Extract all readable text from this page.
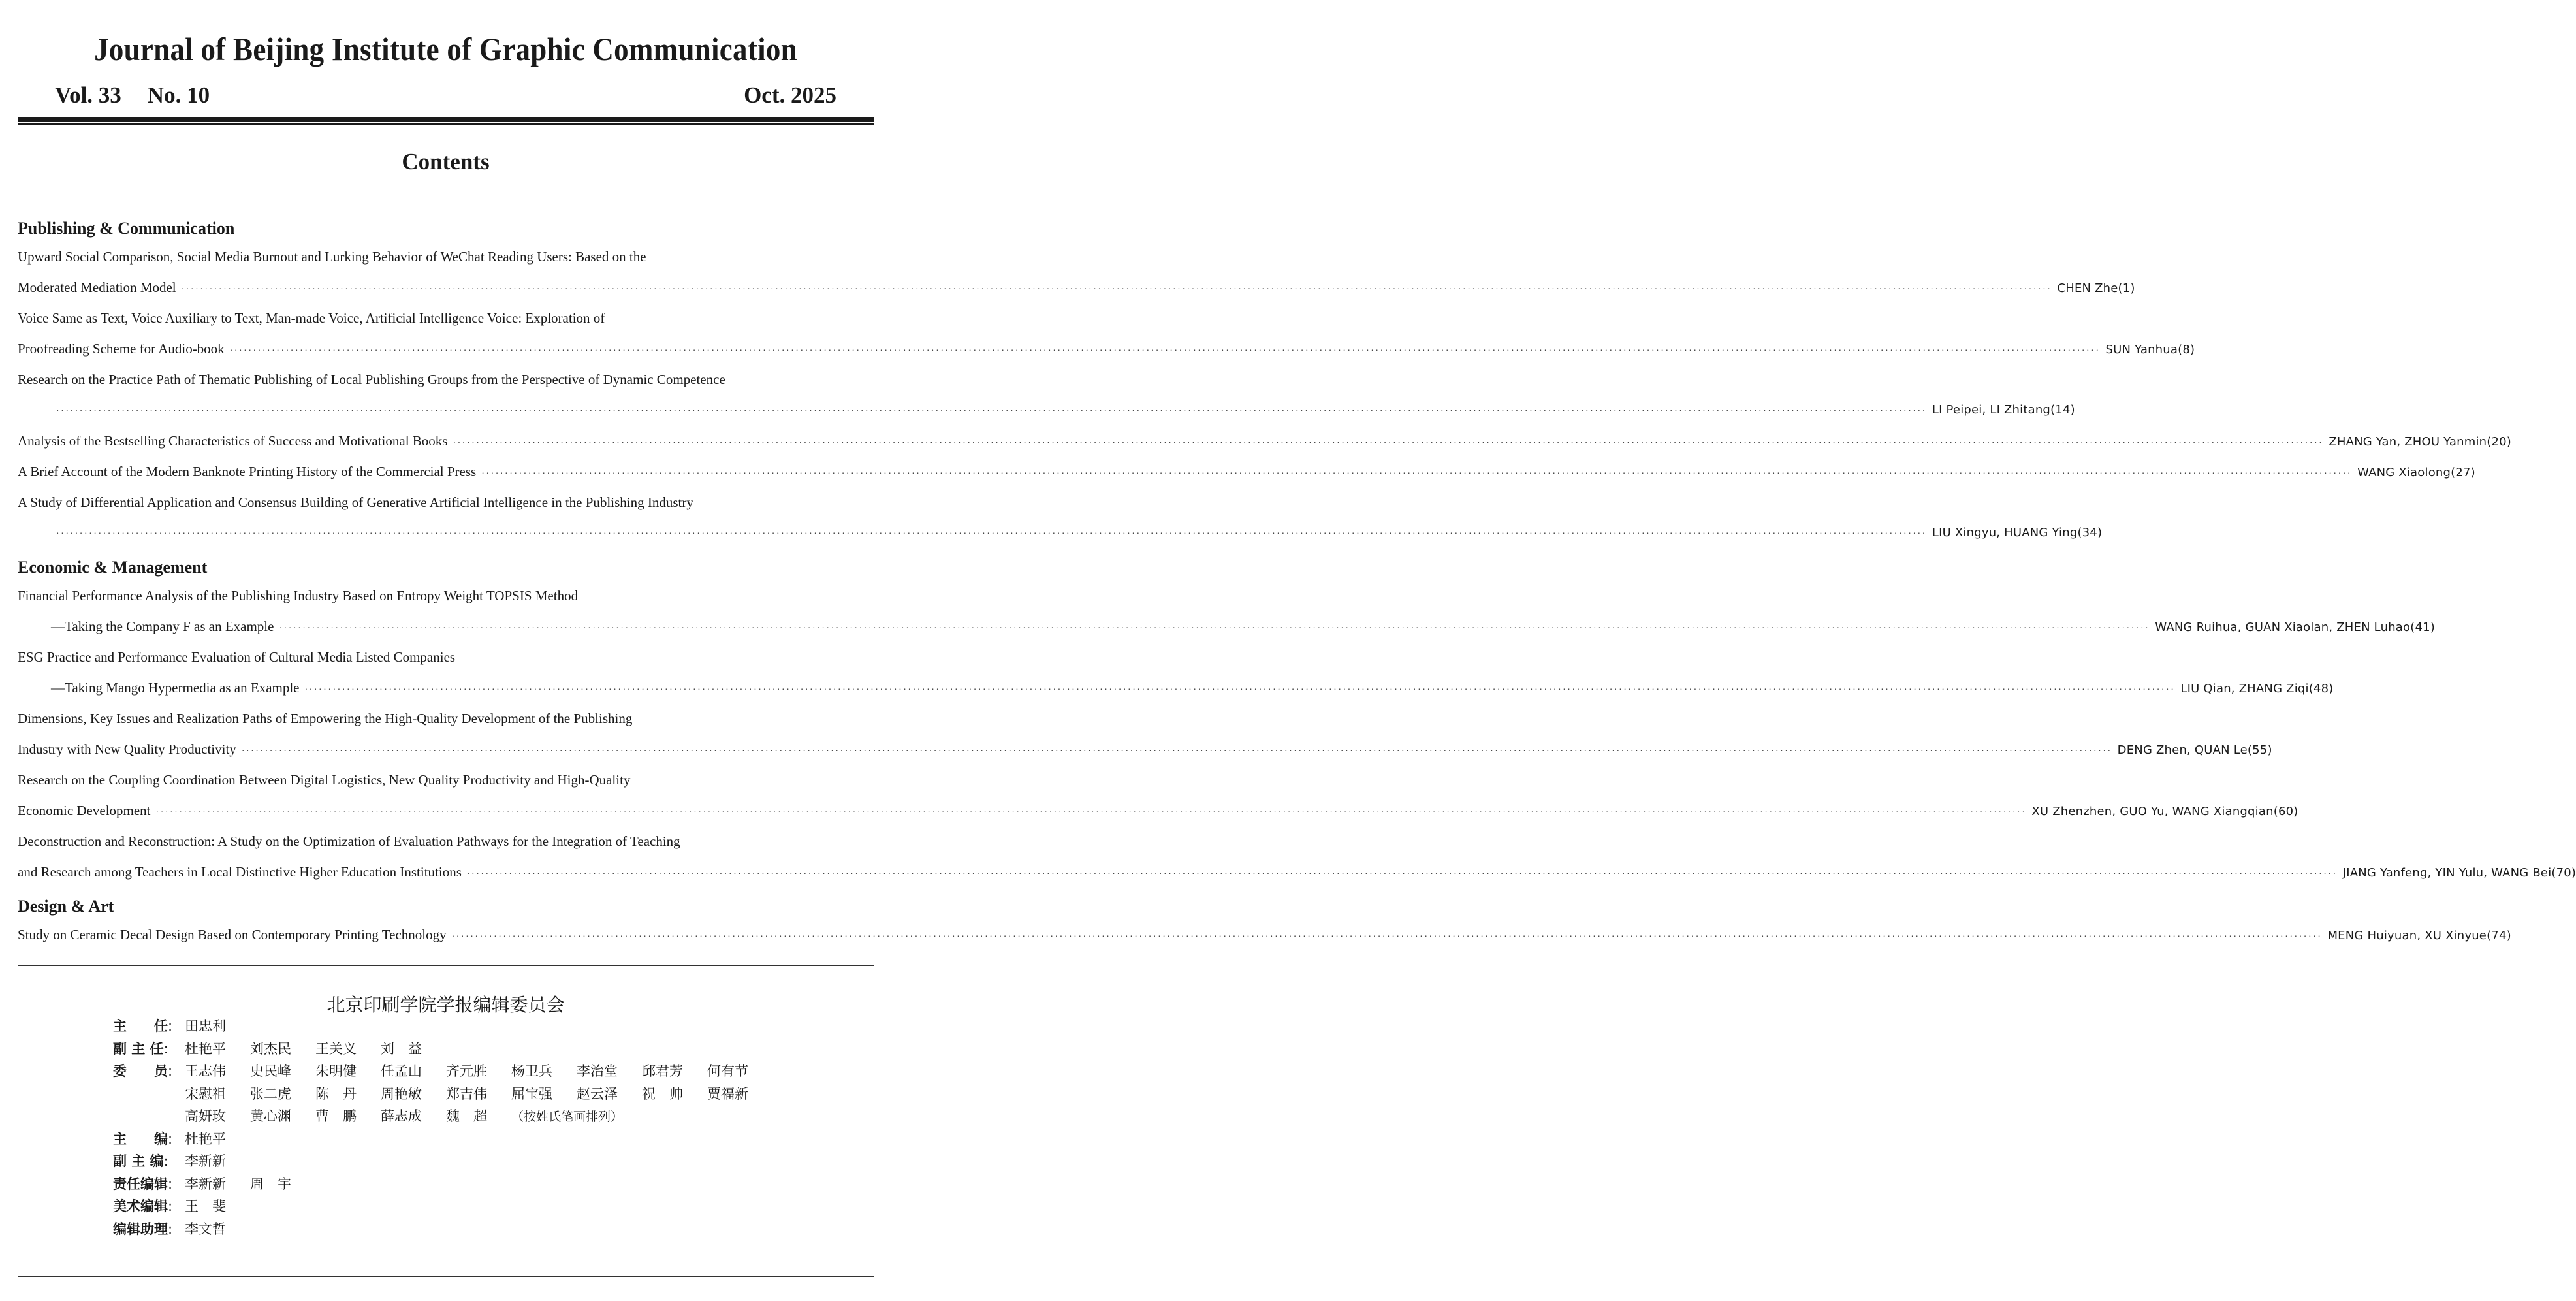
Journal of Beijing Institute of Graphic Communication
Vol. 33 No. 10	Oct. 2025
Contents
Publishing & Communication
Upward Social Comparison, Social Media Burnout and Lurking Behavior of WeChat Reading Users: Based on the
Moderated Mediation Model ················································································································································································································································································································································································································ CHEN Zhe(1)
Voice Same as Text, Voice Auxiliary to Text, Man-made Voice, Artificial Intelligence Voice: Exploration of
Proofreading Scheme for Audio-book ················································································································································································································································································································································································································ SUN Yanhua(8)
Research on the Practice Path of Thematic Publishing of Local Publishing Groups from the Perspective of Dynamic Competence
················································································································································································································································································································································································································ LI Peipei, LI Zhitang(14)
Analysis of the Bestselling Characteristics of Success and Motivational Books ················································································································································································································································································································································································································ ZHANG Yan, ZHOU Yanmin(20)
A Brief Account of the Modern Banknote Printing History of the Commercial Press ················································································································································································································································································································································································································ WANG Xiaolong(27)
A Study of Differential Application and Consensus Building of Generative Artificial Intelligence in the Publishing Industry
················································································································································································································································································································································································································ LIU Xingyu, HUANG Ying(34)
Economic & Management
Financial Performance Analysis of the Publishing Industry Based on Entropy Weight TOPSIS Method
—Taking the Company F as an Example ················································································································································································································································································································································································································ WANG Ruihua, GUAN Xiaolan, ZHEN Luhao(41)
ESG Practice and Performance Evaluation of Cultural Media Listed Companies
—Taking Mango Hypermedia as an Example ················································································································································································································································································································································································································ LIU Qian, ZHANG Ziqi(48)
Dimensions, Key Issues and Realization Paths of Empowering the High-Quality Development of the Publishing
Industry with New Quality Productivity ················································································································································································································································································································································································································ DENG Zhen, QUAN Le(55)
Research on the Coupling Coordination Between Digital Logistics, New Quality Productivity and High-Quality
Economic Development ················································································································································································································································································································································································································ XU Zhenzhen, GUO Yu, WANG Xiangqian(60)
Deconstruction and Reconstruction: A Study on the Optimization of Evaluation Pathways for the Integration of Teaching
and Research among Teachers in Local Distinctive Higher Education Institutions ················································································································································································································································································································································································································ JIANG Yanfeng, YIN Yulu, WANG Bei(70)
Design & Art
Study on Ceramic Decal Design Based on Contemporary Printing Technology ················································································································································································································································································································································································································ MENG Huiyuan, XU Xinyue(74)
北京印刷学院学报编辑委员会
主　　任: 田忠利
副 主 任: 杜艳平 刘杰民 王关义 刘　益
委　　员: 王志伟 史民峰 朱明健 任孟山 齐元胜 杨卫兵 李治堂 邱君芳 何有节
宋慰祖 张二虎 陈　丹 周艳敏 郑吉伟 屈宝强 赵云泽 祝　帅 贾福新
高妍玫 黄心渊 曹　鹏 薛志成 魏　超 （按姓氏笔画排列）
主　　编: 杜艳平
副 主 编: 李新新
责任编辑: 李新新 周　宇
美术编辑: 王　斐
编辑助理: 李文哲
